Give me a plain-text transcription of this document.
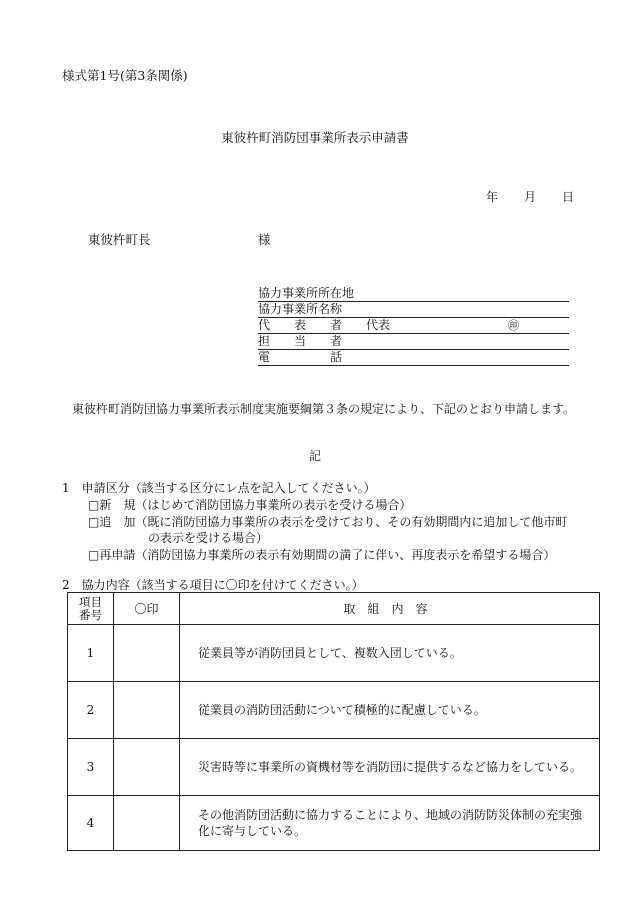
様式第1号(第3条関係)
東彼杵町消防団事業所表示申請書
年 月 日
東彼杵町長	様
協力事業所所在地
協力事業所名称
代　　表　　者 代表	㊞
担　　当　　者
電　　　　　話
東彼杵町消防団協力事業所表示制度実施要綱第３条の規定により、下記のとおり申請します。
記
1　申請区分（該当する区分にレ点を記入してください。）
□新　規（はじめて消防団協力事業所の表示を受ける場合）
□追　加（既に消防団協力事業所の表示を受けており、その有効期間内に追加して他市町
の表示を受ける場合）
□再申請（消防団協力事業所の表示有効期間の満了に伴い、再度表示を希望する場合）
2　協力内容（該当する項目に〇印を付けてください。）
項目
番号	〇印	取　組　内　容
1		従業員等が消防団員として、複数入団している。
2		従業員の消防団活動について積極的に配慮している。
3		災害時等に事業所の資機材等を消防団に提供するなど協力をしている。
4		その他消防団活動に協力することにより、地域の消防防災体制の充実強化に寄与している。
